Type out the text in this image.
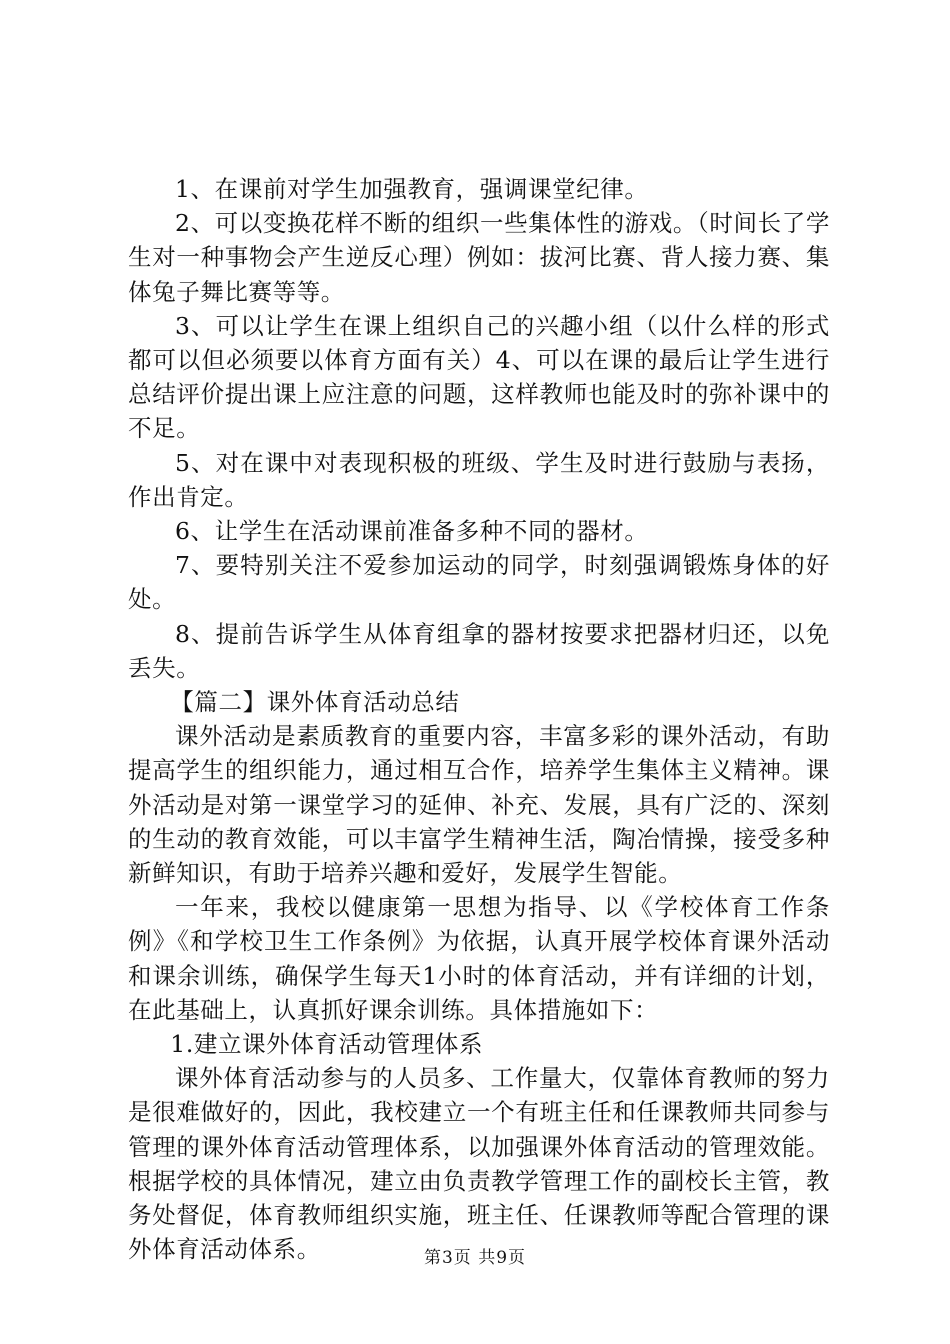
1、在课前对学生加强教育，强调课堂纪律。

2、可以变换花样不断的组织一些集体性的游戏。（时间长了学生对一种事物会产生逆反心理）例如：拔河比赛、背人接力赛、集体兔子舞比赛等等。

3、可以让学生在课上组织自己的兴趣小组（以什么样的形式都可以但必须要以体育方面有关）4、可以在课的最后让学生进行总结评价提出课上应注意的问题，这样教师也能及时的弥补课中的不足。

5、对在课中对表现积极的班级、学生及时进行鼓励与表扬，作出肯定。

6、让学生在活动课前准备多种不同的器材。

7、要特别关注不爱参加运动的同学，时刻强调锻炼身体的好处。

8、提前告诉学生从体育组拿的器材按要求把器材归还，以免丢失。

【篇二】课外体育活动总结

课外活动是素质教育的重要内容，丰富多彩的课外活动，有助提高学生的组织能力，通过相互合作，培养学生集体主义精神。课外活动是对第一课堂学习的延伸、补充、发展，具有广泛的、深刻的生动的教育效能，可以丰富学生精神生活，陶冶情操，接受多种新鲜知识，有助于培养兴趣和爱好，发展学生智能。

一年来，我校以健康第一思想为指导、以《学校体育工作条例》《和学校卫生工作条例》为依据，认真开展学校体育课外活动和课余训练，确保学生每天1小时的体育活动，并有详细的计划，在此基础上，认真抓好课余训练。具体措施如下：

1.建立课外体育活动管理体系

课外体育活动参与的人员多、工作量大，仅靠体育教师的努力是很难做好的，因此，我校建立一个有班主任和任课教师共同参与管理的课外体育活动管理体系，以加强课外体育活动的管理效能。根据学校的具体情况，建立由负责教学管理工作的副校长主管，教务处督促，体育教师组织实施，班主任、任课教师等配合管理的课外体育活动体系。	第3页 共9页
